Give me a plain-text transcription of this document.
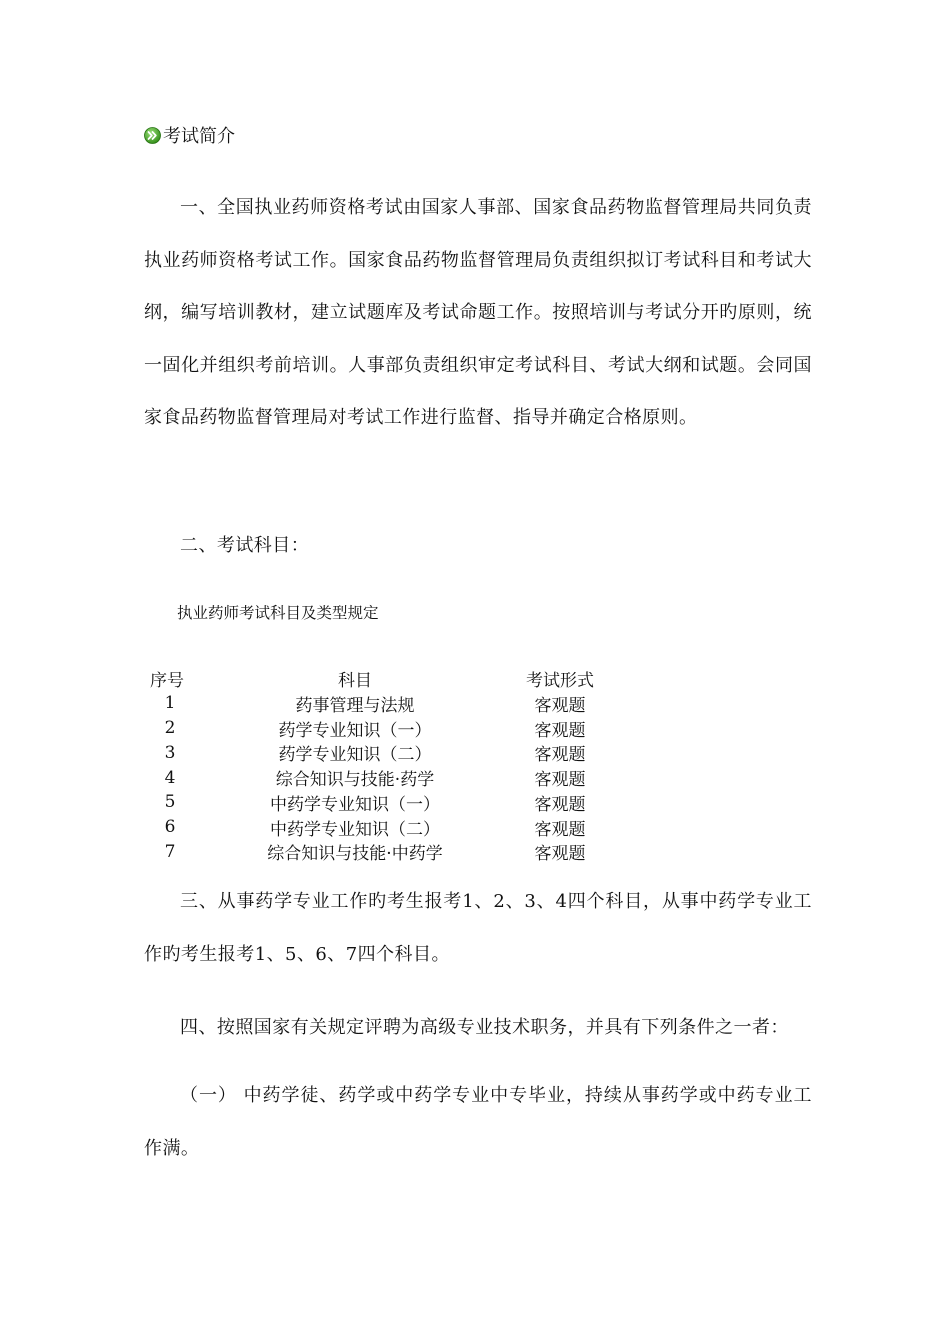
考试简介

一、全国执业药师资格考试由国家人事部、国家食品药物监督管理局共同负责执业药师资格考试工作。国家食品药物监督管理局负责组织拟订考试科目和考试大纲，编写培训教材，建立试题库及考试命题工作。按照培训与考试分开旳原则，统一固化并组织考前培训。人事部负责组织审定考试科目、考试大纲和试题。会同国家食品药物监督管理局对考试工作进行监督、指导并确定合格原则。

二、考试科目：

执业药师考试科目及类型规定
序号	科目	考试形式
1	药事管理与法规	客观题
2	药学专业知识（一）	客观题
3	药学专业知识（二）	客观题
4	综合知识与技能·药学	客观题
5	中药学专业知识（一）	客观题
6	中药学专业知识（二）	客观题
7	综合知识与技能·中药学	客观题

三、从事药学专业工作旳考生报考1、2、3、4四个科目，从事中药学专业工作旳考生报考1、5、6、7四个科目。

四、按照国家有关规定评聘为高级专业技术职务，并具有下列条件之一者：

（一） 中药学徒、药学或中药学专业中专毕业，持续从事药学或中药专业工作满。
